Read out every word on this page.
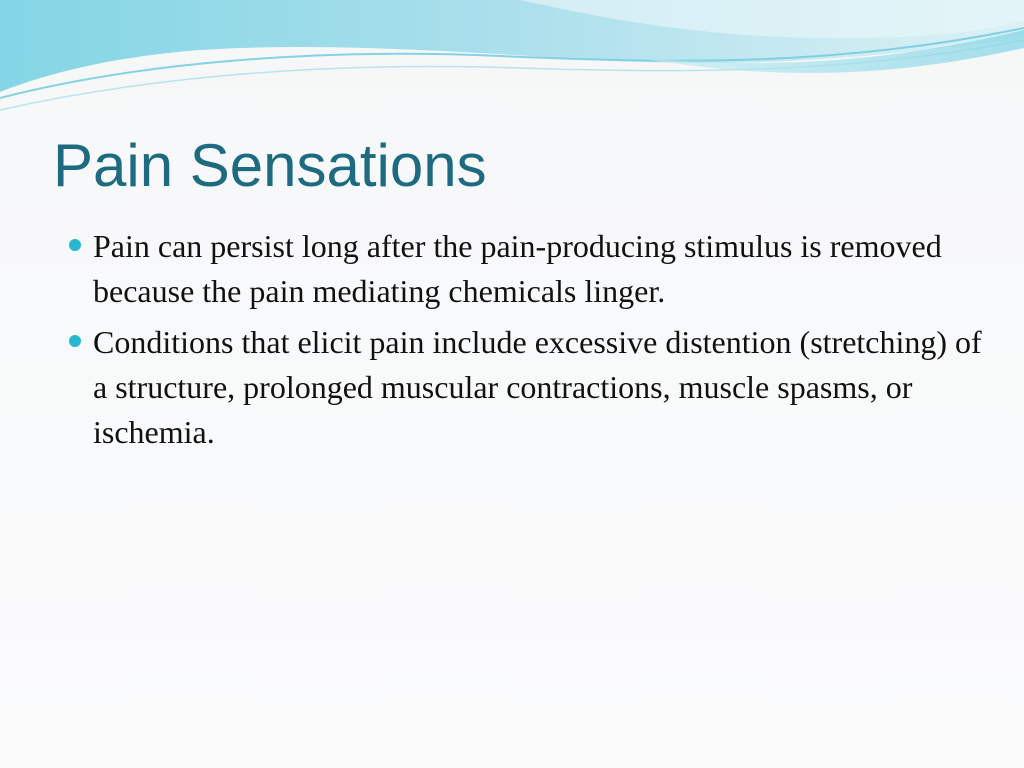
Pain Sensations
Pain can persist long after the pain-producing stimulus is removed because the pain mediating chemicals linger.
Conditions that elicit pain include excessive distention (stretching) of a structure, prolonged muscular contractions, muscle spasms, or ischemia.
